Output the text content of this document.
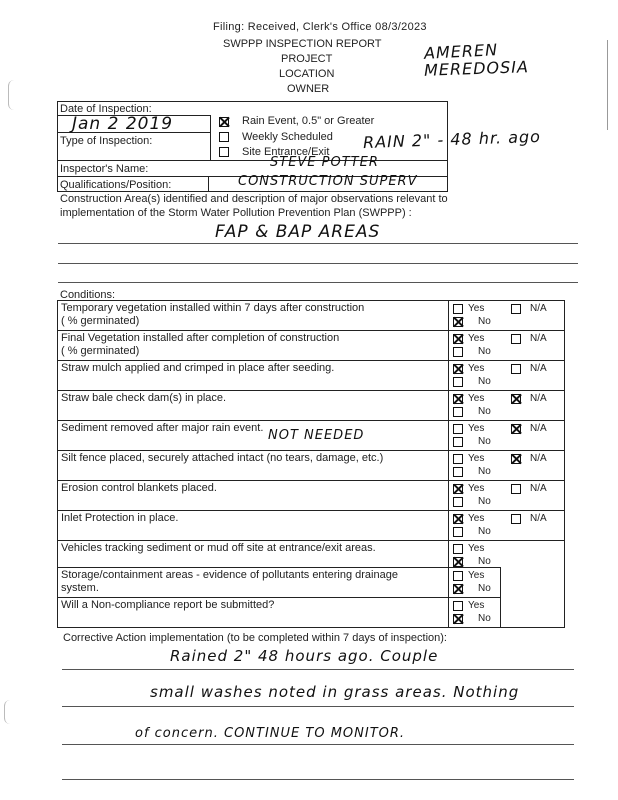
Filing: Received, Clerk's Office 08/3/2023
SWPPP INSPECTION REPORT
PROJECT
LOCATION
OWNER
AMEREN
MEREDOSIA
Date of Inspection:
Jan 2 2019
Type of Inspection:
Rain Event, 0.5" or Greater
Weekly Scheduled
Site Entrance/Exit RAIN 2" - 48 hr. ago
Inspector's Name:	STEVE POTTER
Qualifications/Position:	CONSTRUCTION SUPERV
Construction Area(s) identified and description of major observations relevant to
implementation of the Storm Water Pollution Prevention Plan (SWPPP) :
FAP & BAP AREAS
Conditions:
Temporary vegetation installed within 7 days after construction
( % germinated)
Yes
No
N/A
Final Vegetation installed after completion of construction
( % germinated)
Yes
No
N/A
Straw mulch applied and crimped in place after seeding.	Yes
No
N/A
Straw bale check dam(s) in place.	Yes
No
N/A
Sediment removed after major rain event. NOT NEEDED	Yes
No
N/A
Silt fence placed, securely attached intact (no tears, damage, etc.)	Yes
No
N/A
Erosion control blankets placed.	Yes
No
N/A
Inlet Protection in place.	Yes
No
N/A
Vehicles tracking sediment or mud off site at entrance/exit areas.	Yes
No
Storage/containment areas - evidence of pollutants entering drainage
system.
Yes
No
Will a Non-compliance report be submitted?	Yes
No
Corrective Action implementation (to be completed within 7 days of inspection):
Rained 2" 48 hours ago. Couple
small washes noted in grass areas. Nothing
of concern. CONTINUE TO MONITOR.
